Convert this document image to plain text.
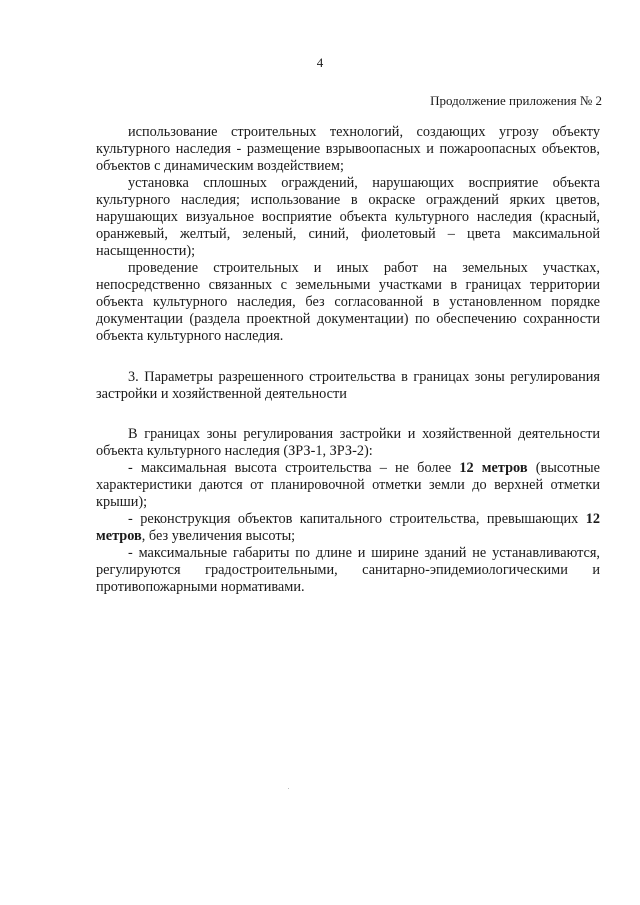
4
Продолжение приложения № 2

использование строительных технологий, создающих угрозу объекту культурного наследия - размещение взрывоопасных и пожароопасных объектов, объектов с динамическим воздействием;

установка сплошных ограждений, нарушающих восприятие объекта культурного наследия; использование в окраске ограждений ярких цветов, нарушающих визуальное восприятие объекта культурного наследия (красный, оранжевый, желтый, зеленый, синий, фиолетовый – цвета максимальной насыщенности);

проведение строительных и иных работ на земельных участках, непосредственно связанных с земельными участками в границах территории объекта культурного наследия, без согласованной в установленном порядке документации (раздела проектной документации) по обеспечению сохранности объекта культурного наследия.

3. Параметры разрешенного строительства в границах зоны регулирования застройки и хозяйственной деятельности

В границах зоны регулирования застройки и хозяйственной деятельности объекта культурного наследия (ЗРЗ-1, ЗРЗ-2):

- максимальная высота строительства – не более 12 метров (высотные характеристики даются от планировочной отметки земли до верхней отметки крыши);

- реконструкция объектов капитального строительства, превышающих 12 метров, без увеличения высоты;

- максимальные габариты по длине и ширине зданий не устанавливаются, регулируются градостроительными, санитарно-эпидемиологическими и противопожарными нормативами.
